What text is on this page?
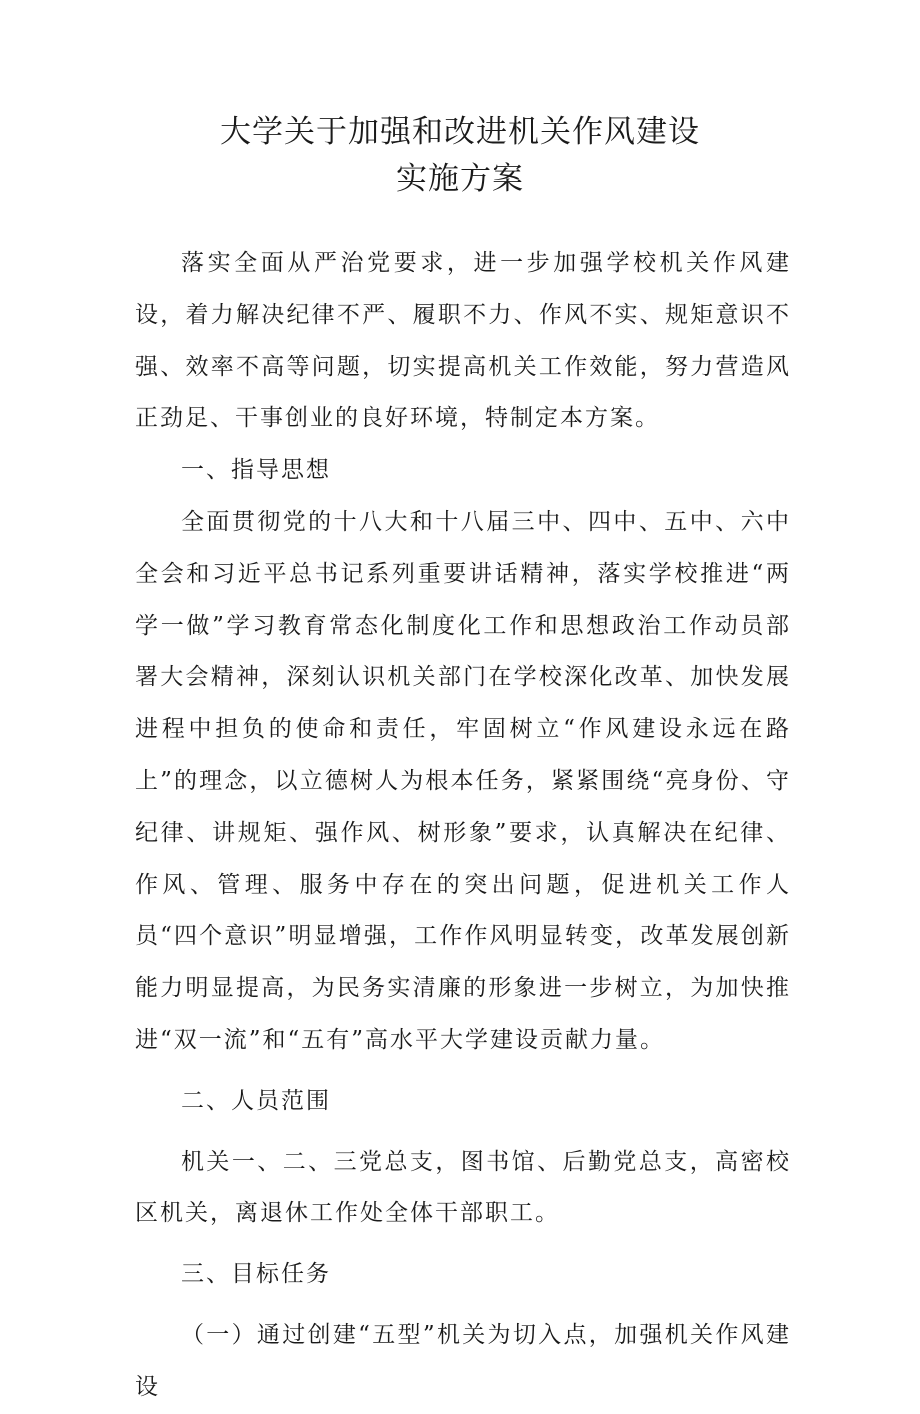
大学关于加强和改进机关作风建设
实施方案

落实全面从严治党要求，进一步加强学校机关作风建设，着力解决纪律不严、履职不力、作风不实、规矩意识不强、效率不高等问题，切实提高机关工作效能，努力营造风正劲足、干事创业的良好环境，特制定本方案。

一、指导思想

全面贯彻党的十八大和十八届三中、四中、五中、六中全会和习近平总书记系列重要讲话精神，落实学校推进“两学一做”学习教育常态化制度化工作和思想政治工作动员部署大会精神，深刻认识机关部门在学校深化改革、加快发展进程中担负的使命和责任，牢固树立“作风建设永远在路上”的理念，以立德树人为根本任务，紧紧围绕“亮身份、守纪律、讲规矩、强作风、树形象”要求，认真解决在纪律、作风、管理、服务中存在的突出问题，促进机关工作人员“四个意识”明显增强，工作作风明显转变，改革发展创新能力明显提高，为民务实清廉的形象进一步树立，为加快推进“双一流”和“五有”高水平大学建设贡献力量。

二、人员范围

机关一、二、三党总支，图书馆、后勤党总支，高密校区机关，离退休工作处全体干部职工。

三、目标任务

（一）通过创建“五型”机关为切入点，加强机关作风建设
